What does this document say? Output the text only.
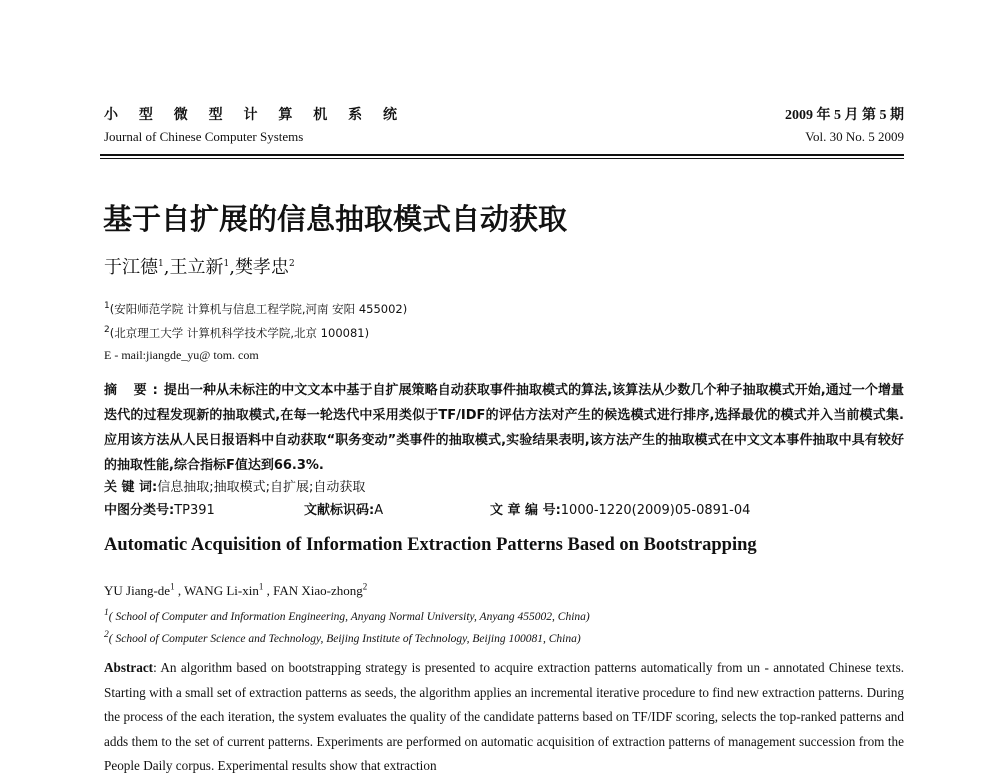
小 型 微 型 计 算 机 系 统
Journal of Chinese Computer Systems
2009 年 5 月 第 5 期
Vol. 30 No. 5 2009
基于自扩展的信息抽取模式自动获取
于江德$^1$,王立新$^1$,樊孝忠$^2$
$^1$(安阳师范学院 计算机与信息工程学院,河南 安阳 455002)
$^2$(北京理工大学 计算机科学技术学院,北京 100081)
E - mail:jiangde_yu@ tom. com
摘 要:提出一种从未标注的中文文本中基于自扩展策略自动获取事件抽取模式的算法,该算法从少数几个种子抽取模式开始,通过一个增量迭代的过程发现新的抽取模式,在每一轮迭代中采用类似于TF/IDF的评估方法对产生的候选模式进行排序,选择最优的模式并入当前模式集.应用该方法从人民日报语料中自动获取“职务变动”类事件的抽取模式,实验结果表明,该方法产生的抽取模式在中文文本事件抽取中具有较好的抽取性能,综合指标F值达到66.3%.
关 键 词:信息抽取;抽取模式;自扩展;自动获取
中图分类号:TP391	文献标识码:A	文 章 编 号:1000-1220(2009)05-0891-04
Automatic Acquisition of Information Extraction Patterns Based on Bootstrapping
YU Jiang-$de^1$ , WANG Li-xin$^1$ , FAN Xiao-zhong$^2$
$^1$( School of Computer and Information Engineering, Anyang Normal University, Anyang 455002, China)
$^2$( School of Computer Science and Technology, Beijing Institute of Technology, Beijing 100081, China)
Abstract: An algorithm based on bootstrapping strategy is presented to acquire extraction patterns automatically from un - annotated Chinese texts. Starting with a small set of extraction patterns as seeds, the algorithm applies an incremental iterative procedure to find new extraction patterns. During the process of the each iteration, the system evaluates the quality of the candidate patterns based on TF/IDF scoring, selects the top-ranked patterns and adds them to the set of current patterns. Experiments are performed on automatic acquisition of extraction patterns of management succession from the People Daily corpus. Experimental results show that extraction
